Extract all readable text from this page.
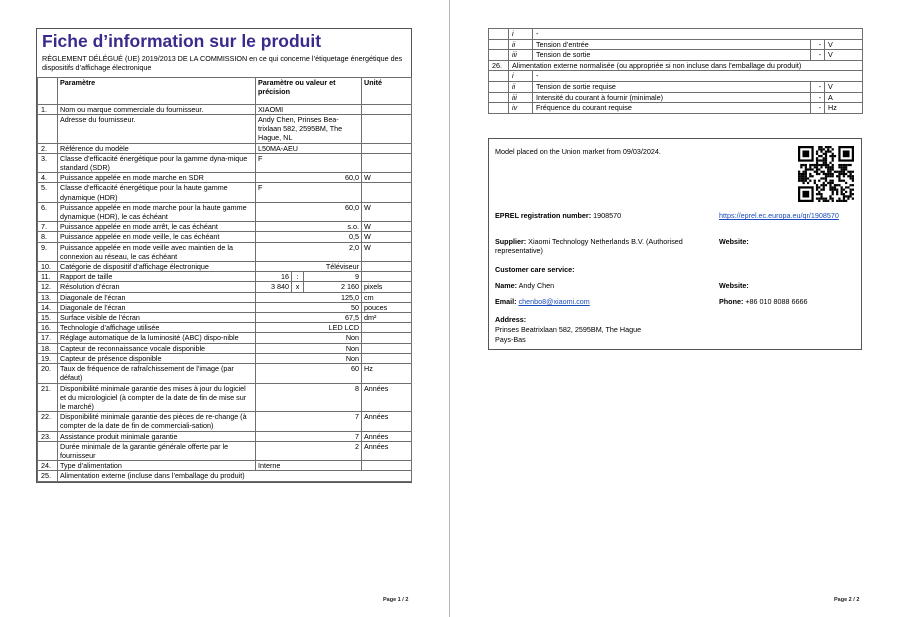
Fiche d’information sur le produit
RÈGLEMENT DÉLÉGUÉ (UE) 2019/2013 DE LA COMMISSION en ce qui concerne l’étiquetage énergétique des dispositifs d’affichage électronique
	Paramètre	Paramètre ou valeur et précision			Unité
1.	Nom ou marque commerciale du fournisseur.	XIAOMI			
	Adresse du fournisseur.	Andy Chen, Prinses Bea-trixlaan 582, 2595BM, The Hague, NL			
2.	Référence du modèle	L50MA-AEU			
3.	Classe d’efficacité énergétique pour la gamme dyna-mique standard (SDR)	F			
4.	Puissance appelée en mode marche en SDR	60,0			W
5.	Classe d’efficacité énergétique pour la haute gamme dynamique (HDR)	F			
6.	Puissance appelée en mode marche pour la haute gamme dynamique (HDR), le cas échéant	60,0			W
7.	Puissance appelée en mode arrêt, le cas échéant	s.o.			W
8.	Puissance appelée en mode veille, le cas échéant	0,5			W
9.	Puissance appelée en mode veille avec maintien de la connexion au réseau, le cas échéant	2,0			W
10.	Catégorie de dispositif d’affichage électronique	Téléviseur			
11.	Rapport de taille	16	:	9	
12.	Résolution d’écran	3 840	x	2 160	pixels
13.	Diagonale de l’écran	125,0			cm
14.	Diagonale de l’écran	50			pouces
15.	Surface visible de l’écran	67,5			dm²
16.	Technologie d’affichage utilisée	LED LCD			
17.	Réglage automatique de la luminosité (ABC) dispo-nible	Non			
18.	Capteur de reconnaissance vocale disponible	Non			
19.	Capteur de présence disponible	Non			
20.	Taux de fréquence de rafraîchissement de l’image (par défaut)	60			Hz
21.	Disponibilité minimale garantie des mises à jour du logiciel et du micrologiciel (à compter de la date de fin de mise sur le marché)	8			Années
22.	Disponibilité minimale garantie des pièces de re-change (à compter de la date de fin de commerciali-sation)	7			Années
23.	Assistance produit minimale garantie	7			Années
	Durée minimale de la garantie générale offerte par le fournisseur	2			Années
24.	Type d’alimentation	Interne			
25.	Alimentation externe (incluse dans l’emballage du produit)				
Page 1 / 2
	i	-		
	ii	Tension d’entrée	-	V
	iii	Tension de sortie	-	V
26.	Alimentation externe normalisée (ou appropriée si non incluse dans l’emballage du produit)			
	i	-		
	ii	Tension de sortie requise	-	V
	iii	Intensité du courant à fournir (minimale)	-	A
	iv	Fréquence du courant requise	-	Hz
Model placed on the Union market from 09/03/2024.
EPREL registration number: 1908570	https://eprel.ec.europa.eu/qr/1908570
Supplier: Xiaomi Technology Netherlands B.V. (Authorised representative)
Website:
Customer care service:
Name: Andy Chen	Website:
Email: chenbo8@xiaomi.com	Phone: +86 010 8088 6666
Address:
Prinses Beatrixlaan 582, 2595BM, The Hague
Pays-Bas
Page 2 / 2
